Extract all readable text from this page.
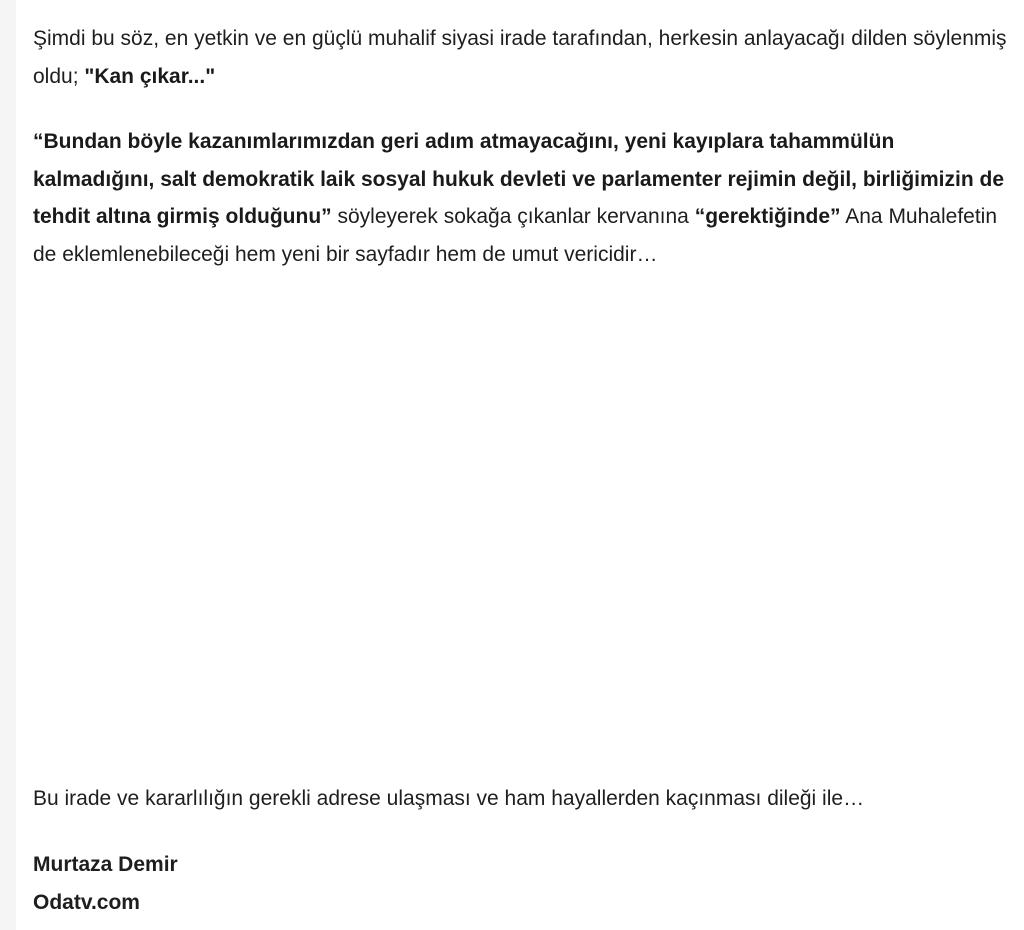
Şimdi bu söz, en yetkin ve en güçlü muhalif siyasi irade tarafından, herkesin anlayacağı dilden söylenmiş oldu; "Kan çıkar..."

“Bundan böyle kazanımlarımızdan geri adım atmayacağını, yeni kayıplara tahammülün kalmadığını, salt demokratik laik sosyal hukuk devleti ve parlamenter rejimin değil, birliğimizin de tehdit altına girmiş olduğunu” söyleyerek sokağa çıkanlar kervanına “gerektiğinde” Ana Muhalefetin de eklemlenebileceği hem yeni bir sayfadır hem de umut vericidir…

Bu irade ve kararlılığın gerekli adrese ulaşması ve ham hayallerden kaçınması dileği ile…

Murtaza Demir
Odatv.com
